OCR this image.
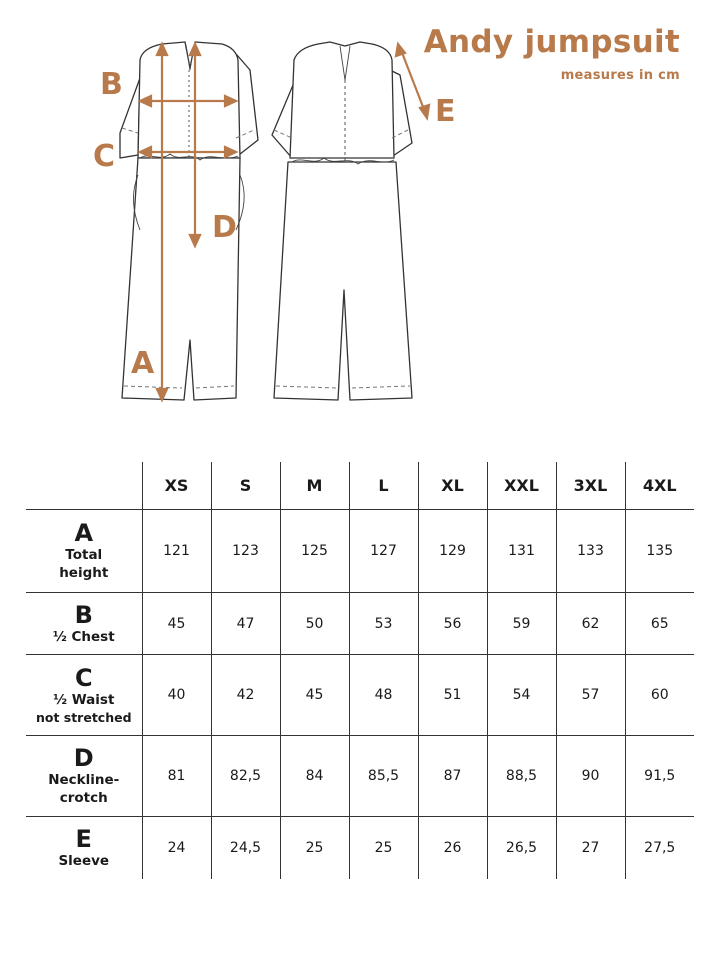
Andy jumpsuit
measures in cm
B
C
D
A
E
	XS	S	M	L	XL	XXL	3XL	4XL

A
Total
height	121	123	125	127	129	131	133	135

B
½ Chest	45	47	50	53	56	59	62	65

C
½ Waist
not stretched	40	42	45	48	51	54	57	60

D
Neckline-
crotch	81	82,5	84	85,5	87	88,5	90	91,5

E
Sleeve	24	24,5	25	25	26	26,5	27	27,5
